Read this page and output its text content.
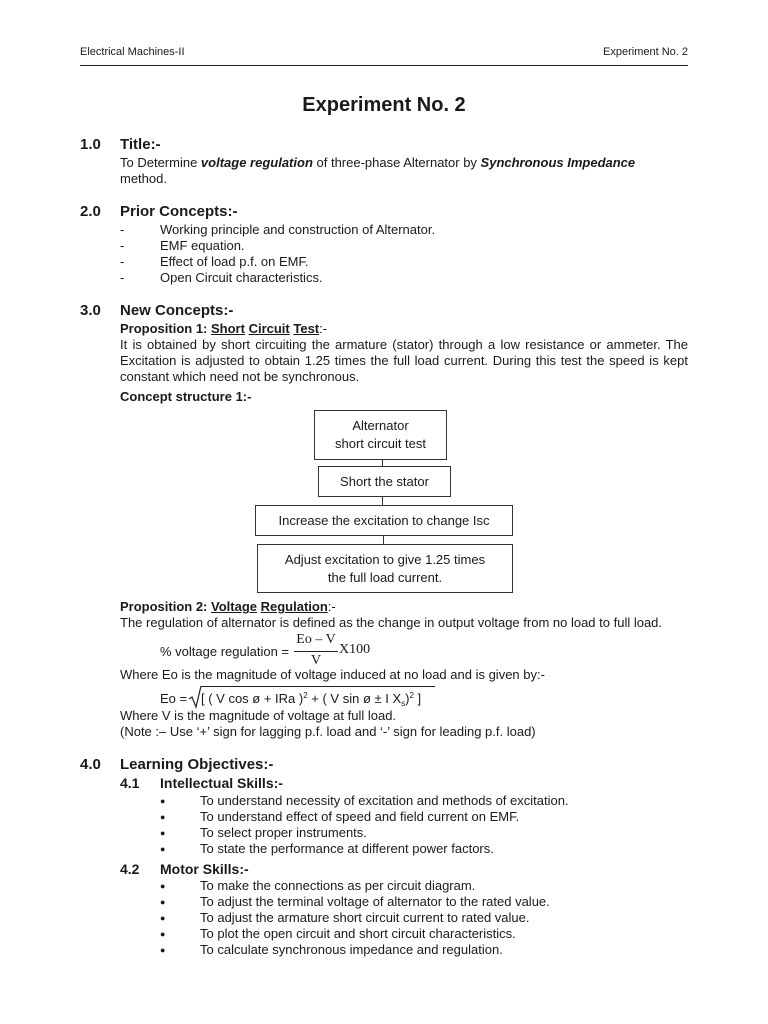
Electrical Machines-II	Experiment No. 2
Experiment No. 2
1.0 Title:-
To Determine voltage regulation of three-phase Alternator by Synchronous Impedance
method.
2.0 Prior Concepts:-
-	Working principle and construction of Alternator.
-	EMF equation.
-	Effect of load p.f. on EMF.
-	Open Circuit characteristics.
3.0 New Concepts:-
Proposition 1: Short Circuit Test:-
It is obtained by short circuiting the armature (stator) through a low resistance or ammeter. The Excitation is adjusted to obtain 1.25 times the full load current. During this test the speed is kept constant which need not be synchronous.
Concept structure 1:-
Alternator
short circuit test
Short the stator
Increase the excitation to change Isc
Adjust excitation to give 1.25 times
the full load current.
Proposition 2: Voltage Regulation:-
The regulation of alternator is defined as the change in output voltage from no load to full load.
% voltage regulation =
Eo – V
V
X100
Where Eo is the magnitude of voltage induced at no load and is given by:-
Eo = [ ( V cos ø + IRa )$^2$ + ( V sin ø ± I $X_s)^2$ ]
Where V is the magnitude of voltage at full load.
(Note :– Use ‘+’ sign for lagging p.f. load and ‘-’ sign for leading p.f. load)
4.0 Learning Objectives:-
4.1 Intellectual Skills:-
●	To understand necessity of excitation and methods of excitation.
●	To understand effect of speed and field current on EMF.
●	To select proper instruments.
●	To state the performance at different power factors.
4.2 Motor Skills:-
●	To make the connections as per circuit diagram.
●	To adjust the terminal voltage of alternator to the rated value.
●	To adjust the armature short circuit current to rated value.
●	To plot the open circuit and short circuit characteristics.
●	To calculate synchronous impedance and regulation.
